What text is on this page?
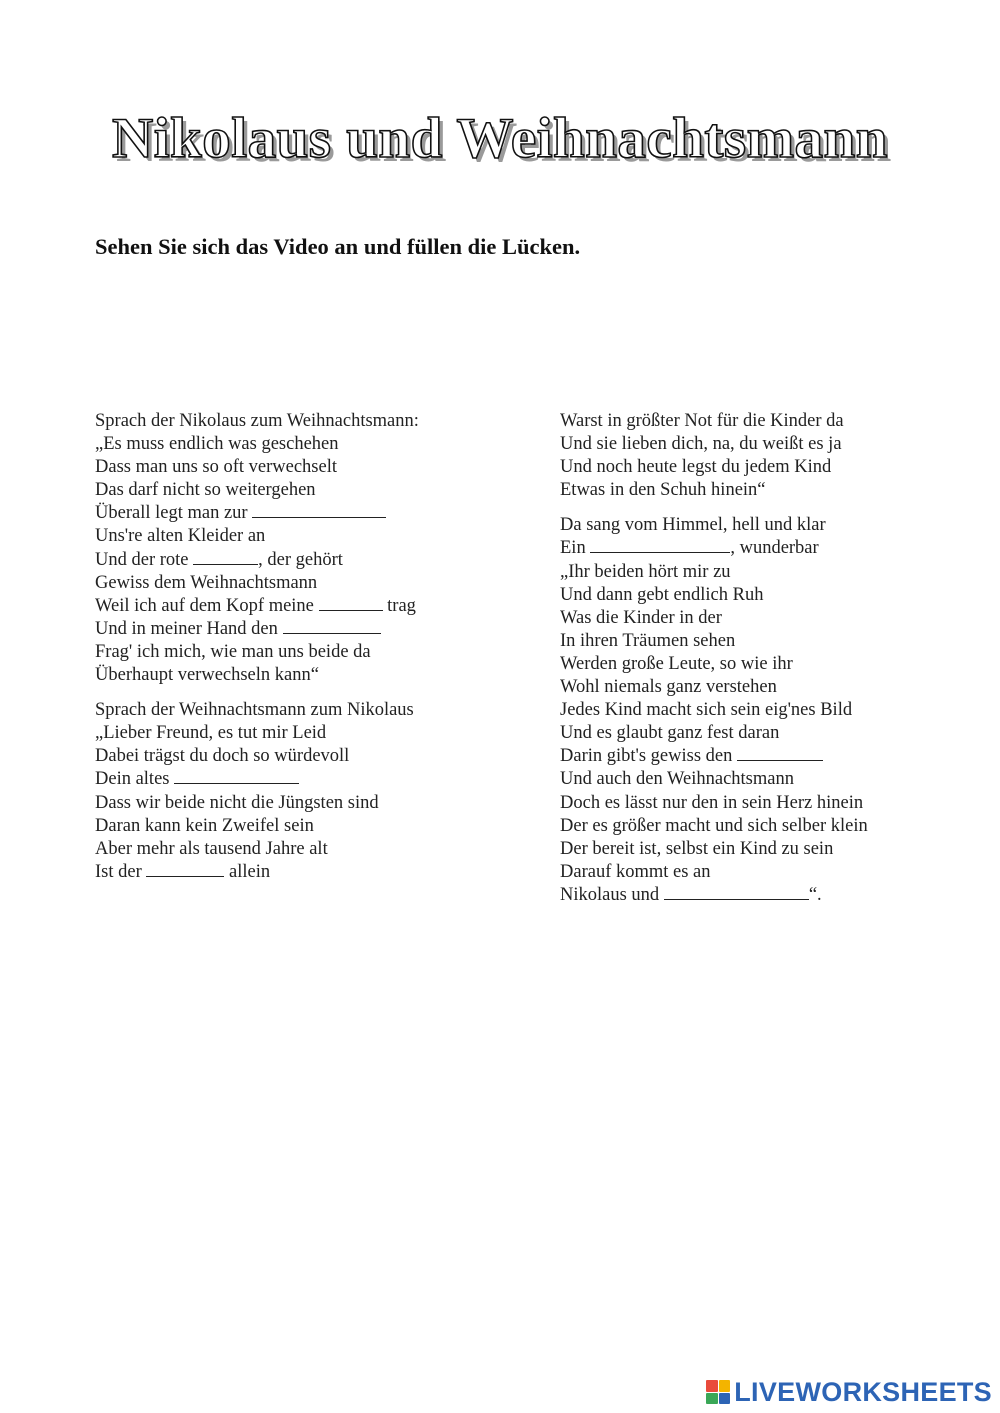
Nikolaus und Weihnachtsmann

Sehen Sie sich das Video an und füllen die Lücken.

Sprach der Nikolaus zum Weihnachtsmann:
„Es muss endlich was geschehen
Dass man uns so oft verwechselt
Das darf nicht so weitergehen
Überall legt man zur
Uns're alten Kleider an
Und der rote	, der gehört
Gewiss dem Weihnachtsmann
Weil ich auf dem Kopf meine	trag
Und in meiner Hand den
Frag' ich mich, wie man uns beide da
Überhaupt verwechseln kann“
Sprach der Weihnachtsmann zum Nikolaus
„Lieber Freund, es tut mir Leid
Dabei trägst du doch so würdevoll
Dein altes
Dass wir beide nicht die Jüngsten sind
Daran kann kein Zweifel sein
Aber mehr als tausend Jahre alt
Ist der	allein
Warst in größter Not für die Kinder da
Und sie lieben dich, na, du weißt es ja
Und noch heute legst du jedem Kind
Etwas in den Schuh hinein“
Da sang vom Himmel, hell und klar
Ein	, wunderbar
„Ihr beiden hört mir zu
Und dann gebt endlich Ruh
Was die Kinder in der
In ihren Träumen sehen
Werden große Leute, so wie ihr
Wohl niemals ganz verstehen
Jedes Kind macht sich sein eig'nes Bild
Und es glaubt ganz fest daran
Darin gibt's gewiss den
Und auch den Weihnachtsmann
Doch es lässt nur den in sein Herz hinein
Der es größer macht und sich selber klein
Der bereit ist, selbst ein Kind zu sein
Darauf kommt es an
Nikolaus und	“.
LIVEWORKSHEETS
